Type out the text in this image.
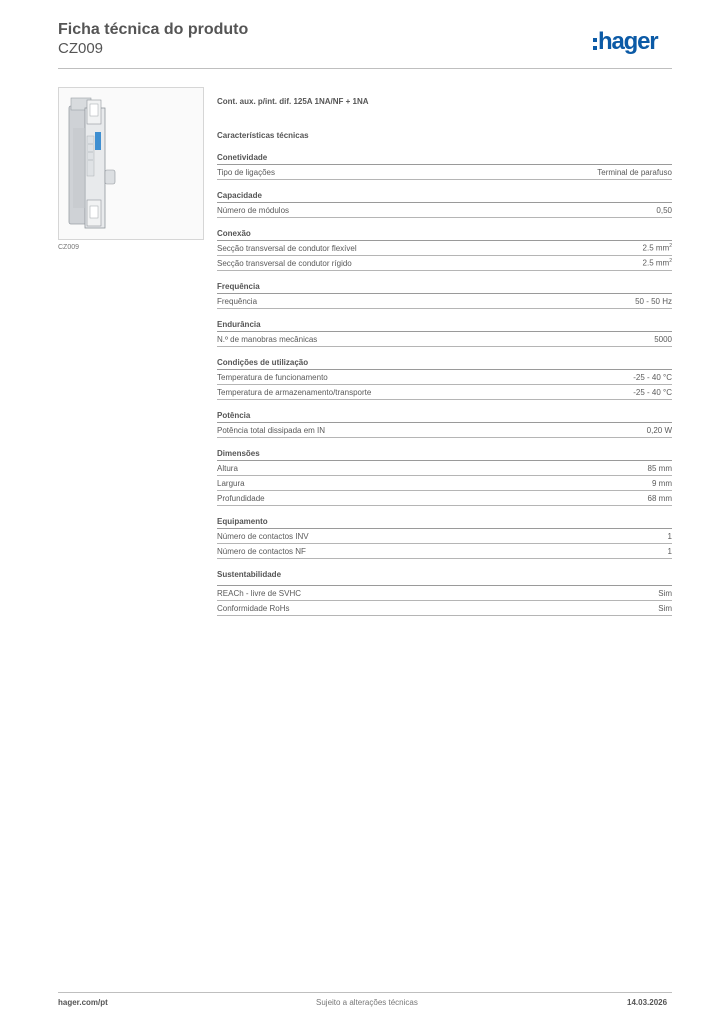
Ficha técnica do produto
CZ009	hager
CZ009
Cont. aux. p/int. dif. 125A 1NA/NF + 1NA
Características técnicas
Conetividade
Tipo de ligações	Terminal de parafuso
Capacidade
Número de módulos	0,50
Conexão
Secção transversal de condutor flexível	2.5 $mm^2$
Secção transversal de condutor rígido	2.5 $mm^2$
Frequência
Frequência	50 - 50 Hz
Endurância
N.º de manobras mecânicas	5000
Condições de utilização
Temperatura de funcionamento	-25 - 40 °C
Temperatura de armazenamento/transporte	-25 - 40 °C
Potência
Potência total dissipada em IN	0,20 W
Dimensões
Altura	85 mm
Largura	9 mm
Profundidade	68 mm
Equipamento
Número de contactos INV	1
Número de contactos NF	1
Sustentabilidade
REACh - livre de SVHC	Sim
Conformidade RoHs	Sim
hager.com/pt	Sujeito a alterações técnicas	14.03.2026
